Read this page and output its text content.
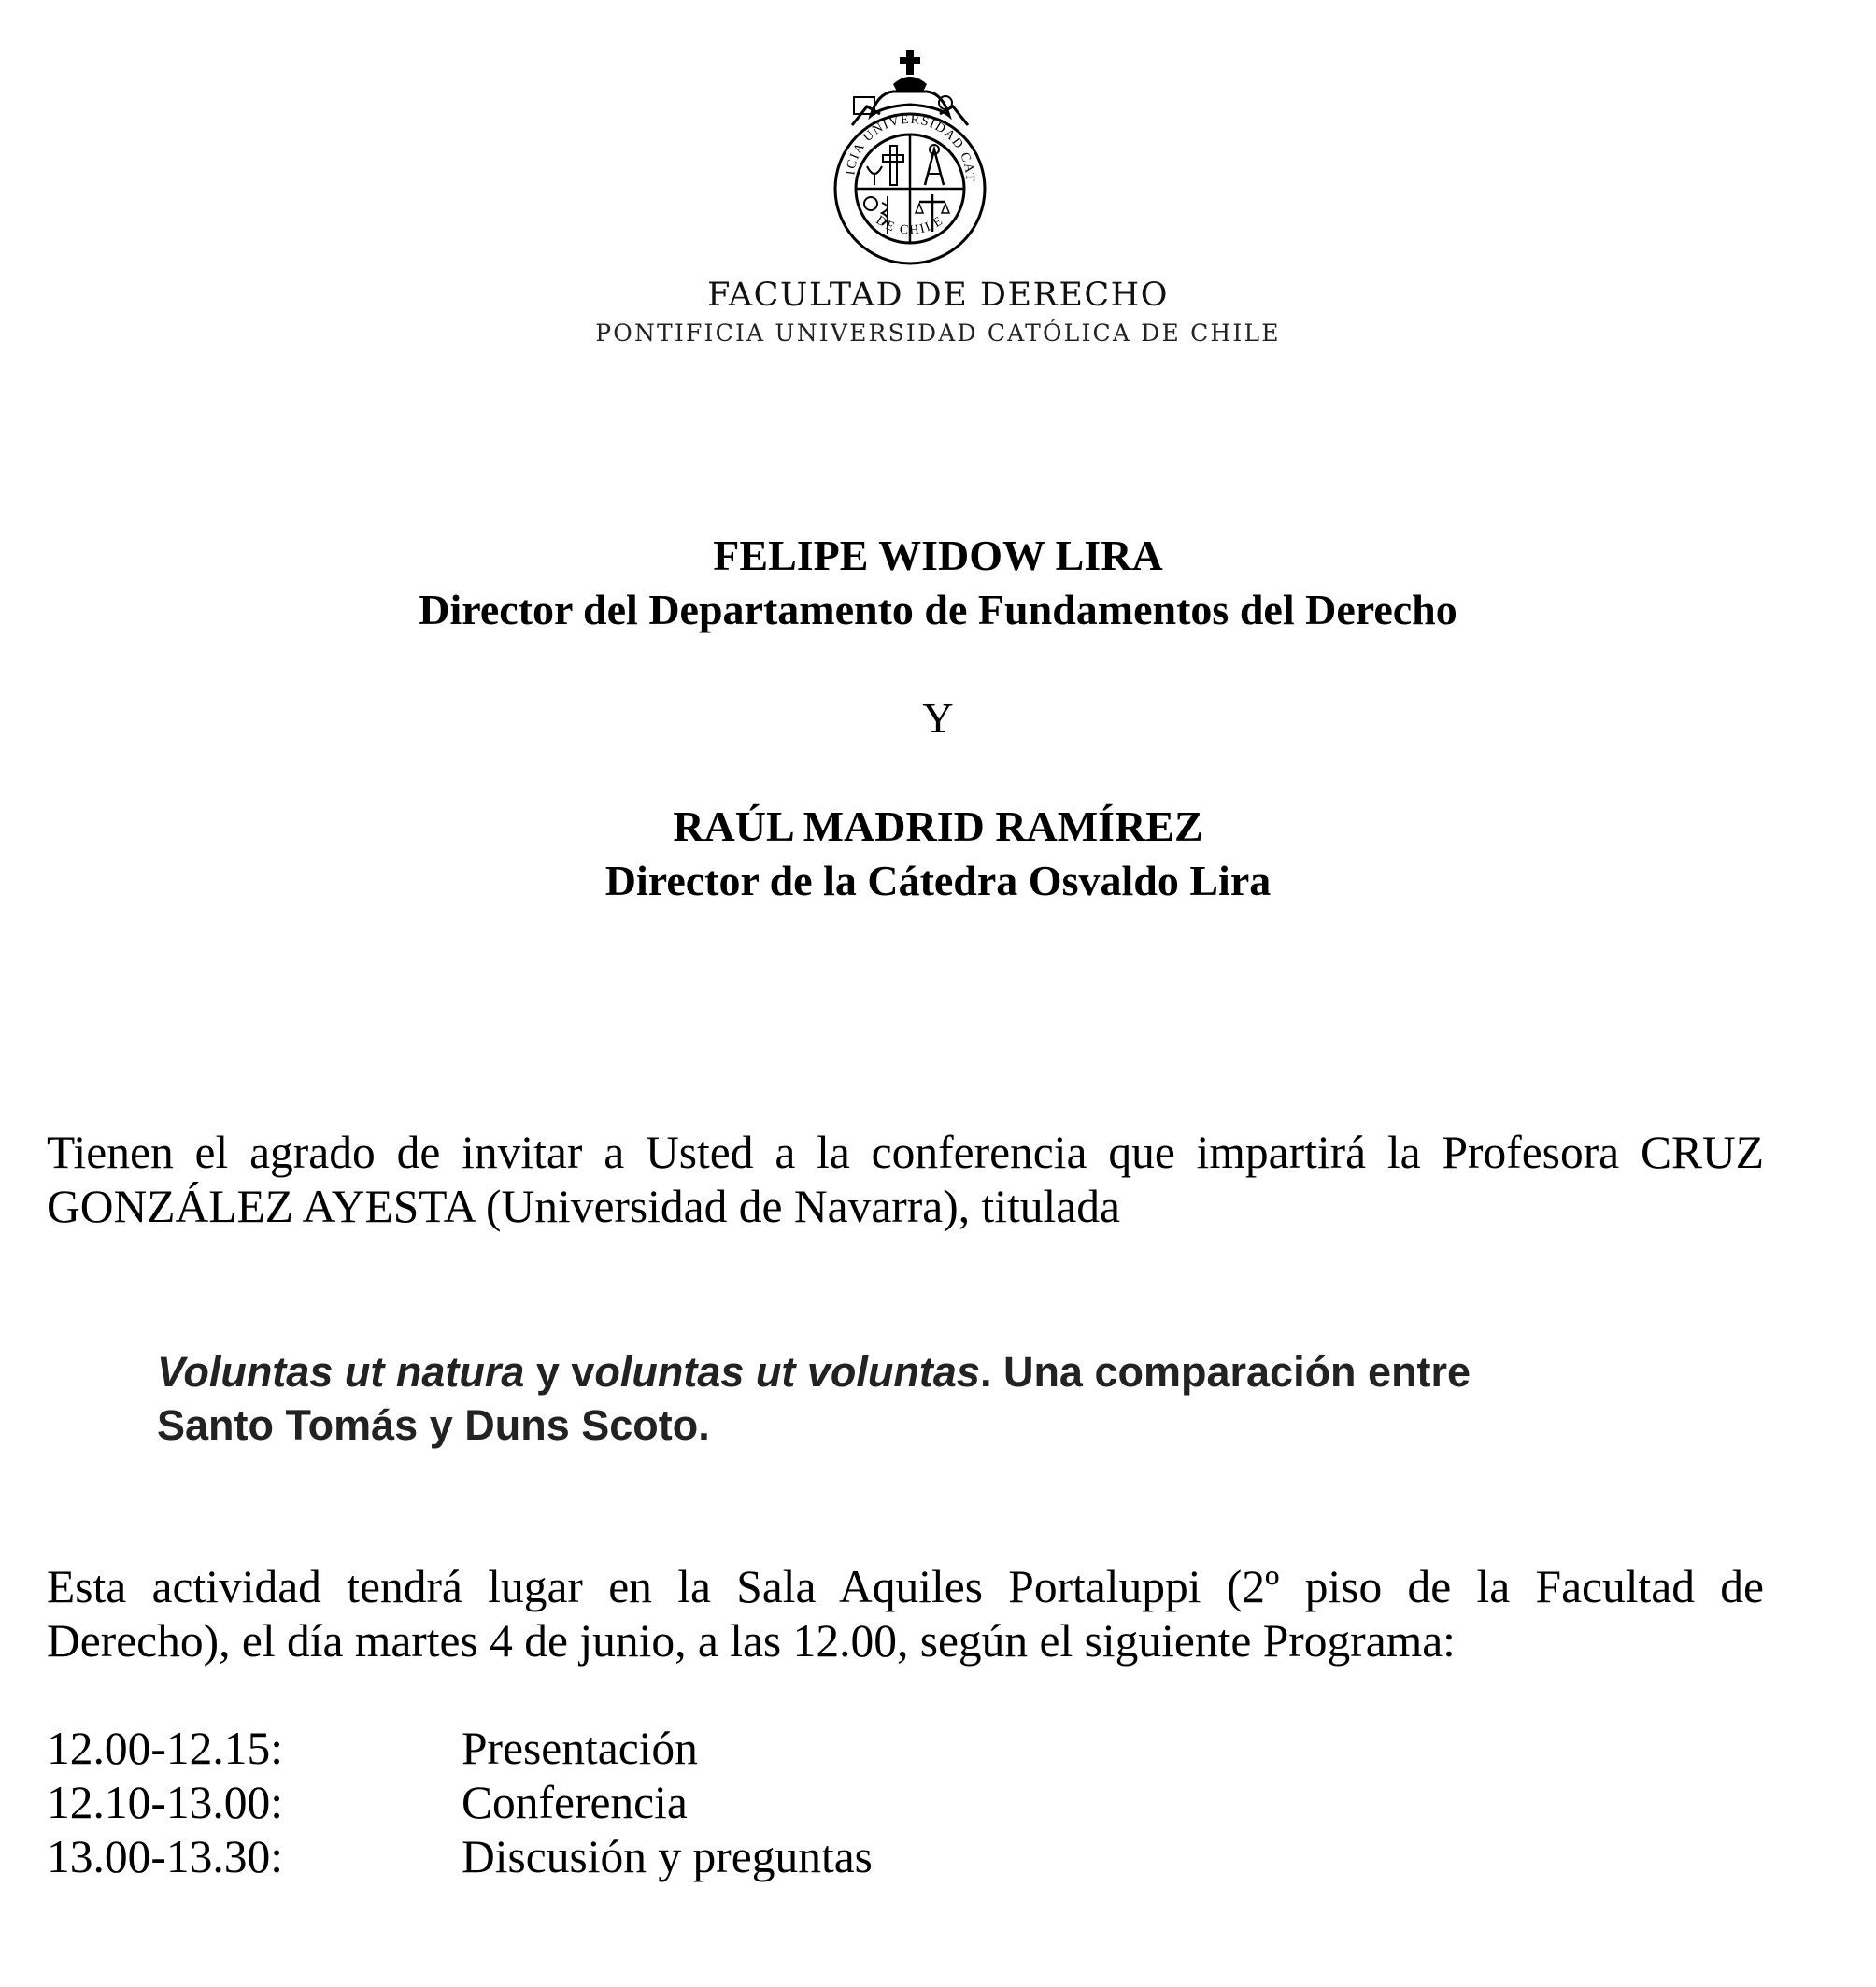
ICIA UNIVERSIDAD CAT
DE CHILE
FACULTAD DE DERECHO
PONTIFICIA UNIVERSIDAD CATÓLICA DE CHILE
FELIPE WIDOW LIRA
Director del Departamento de Fundamentos del Derecho
Y
RAÚL MADRID RAMÍREZ
Director de la Cátedra Osvaldo Lira
Tienen el agrado de invitar a Usted a la conferencia que impartirá la Profesora CRUZ
GONZÁLEZ AYESTA (Universidad de Navarra), titulada
Voluntas ut natura y voluntas ut voluntas. Una comparación entre
Santo Tomás y Duns Scoto.
Esta actividad tendrá lugar en la Sala Aquiles Portaluppi (2º piso de la Facultad de
Derecho), el día martes 4 de junio, a las 12.00, según el siguiente Programa:
12.00-12.15:	Presentación
12.10-13.00:	Conferencia
13.00-13.30:	Discusión y preguntas
